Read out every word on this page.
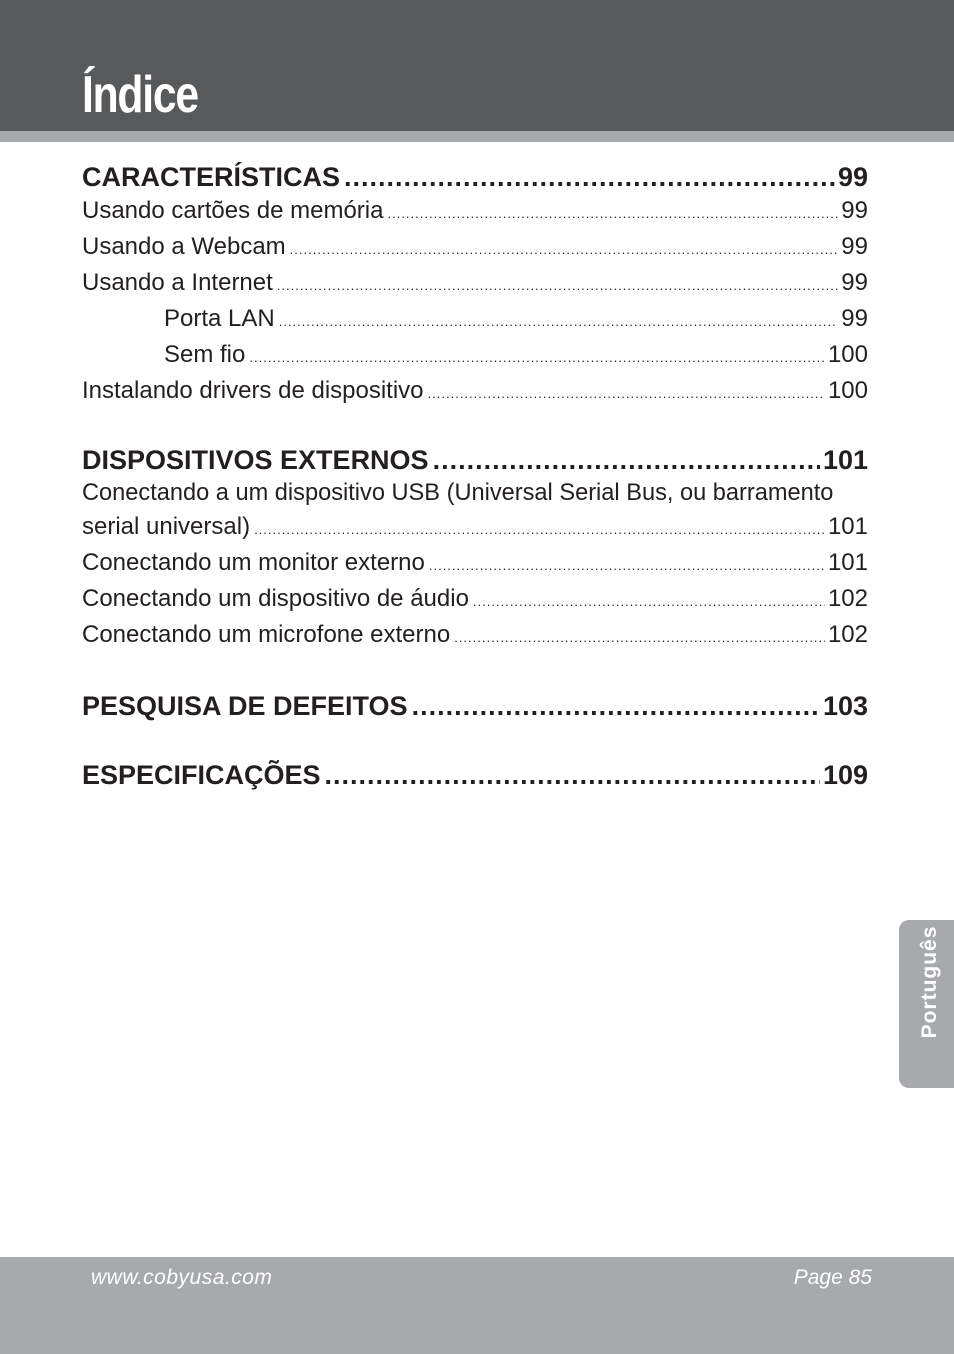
Índice
CARACTERÍSTICAS .....	99
Usando cartões de memória .....	99
Usando a Webcam .....	99
Usando a Internet .....	99
Porta LAN .....	99
Sem fio .....	100
Instalando drivers de dispositivo .....	100
DISPOSITIVOS EXTERNOS .....	101
Conectando a um dispositivo USB (Universal Serial Bus, ou barramento
serial universal) .....	101
Conectando um monitor externo .....	101
Conectando um dispositivo de áudio .....	102
Conectando um microfone externo .....	102
PESQUISA DE DEFEITOS .....	103
ESPECIFICAÇÕES .....	109
Português
www.cobyusa.com	Page 85
